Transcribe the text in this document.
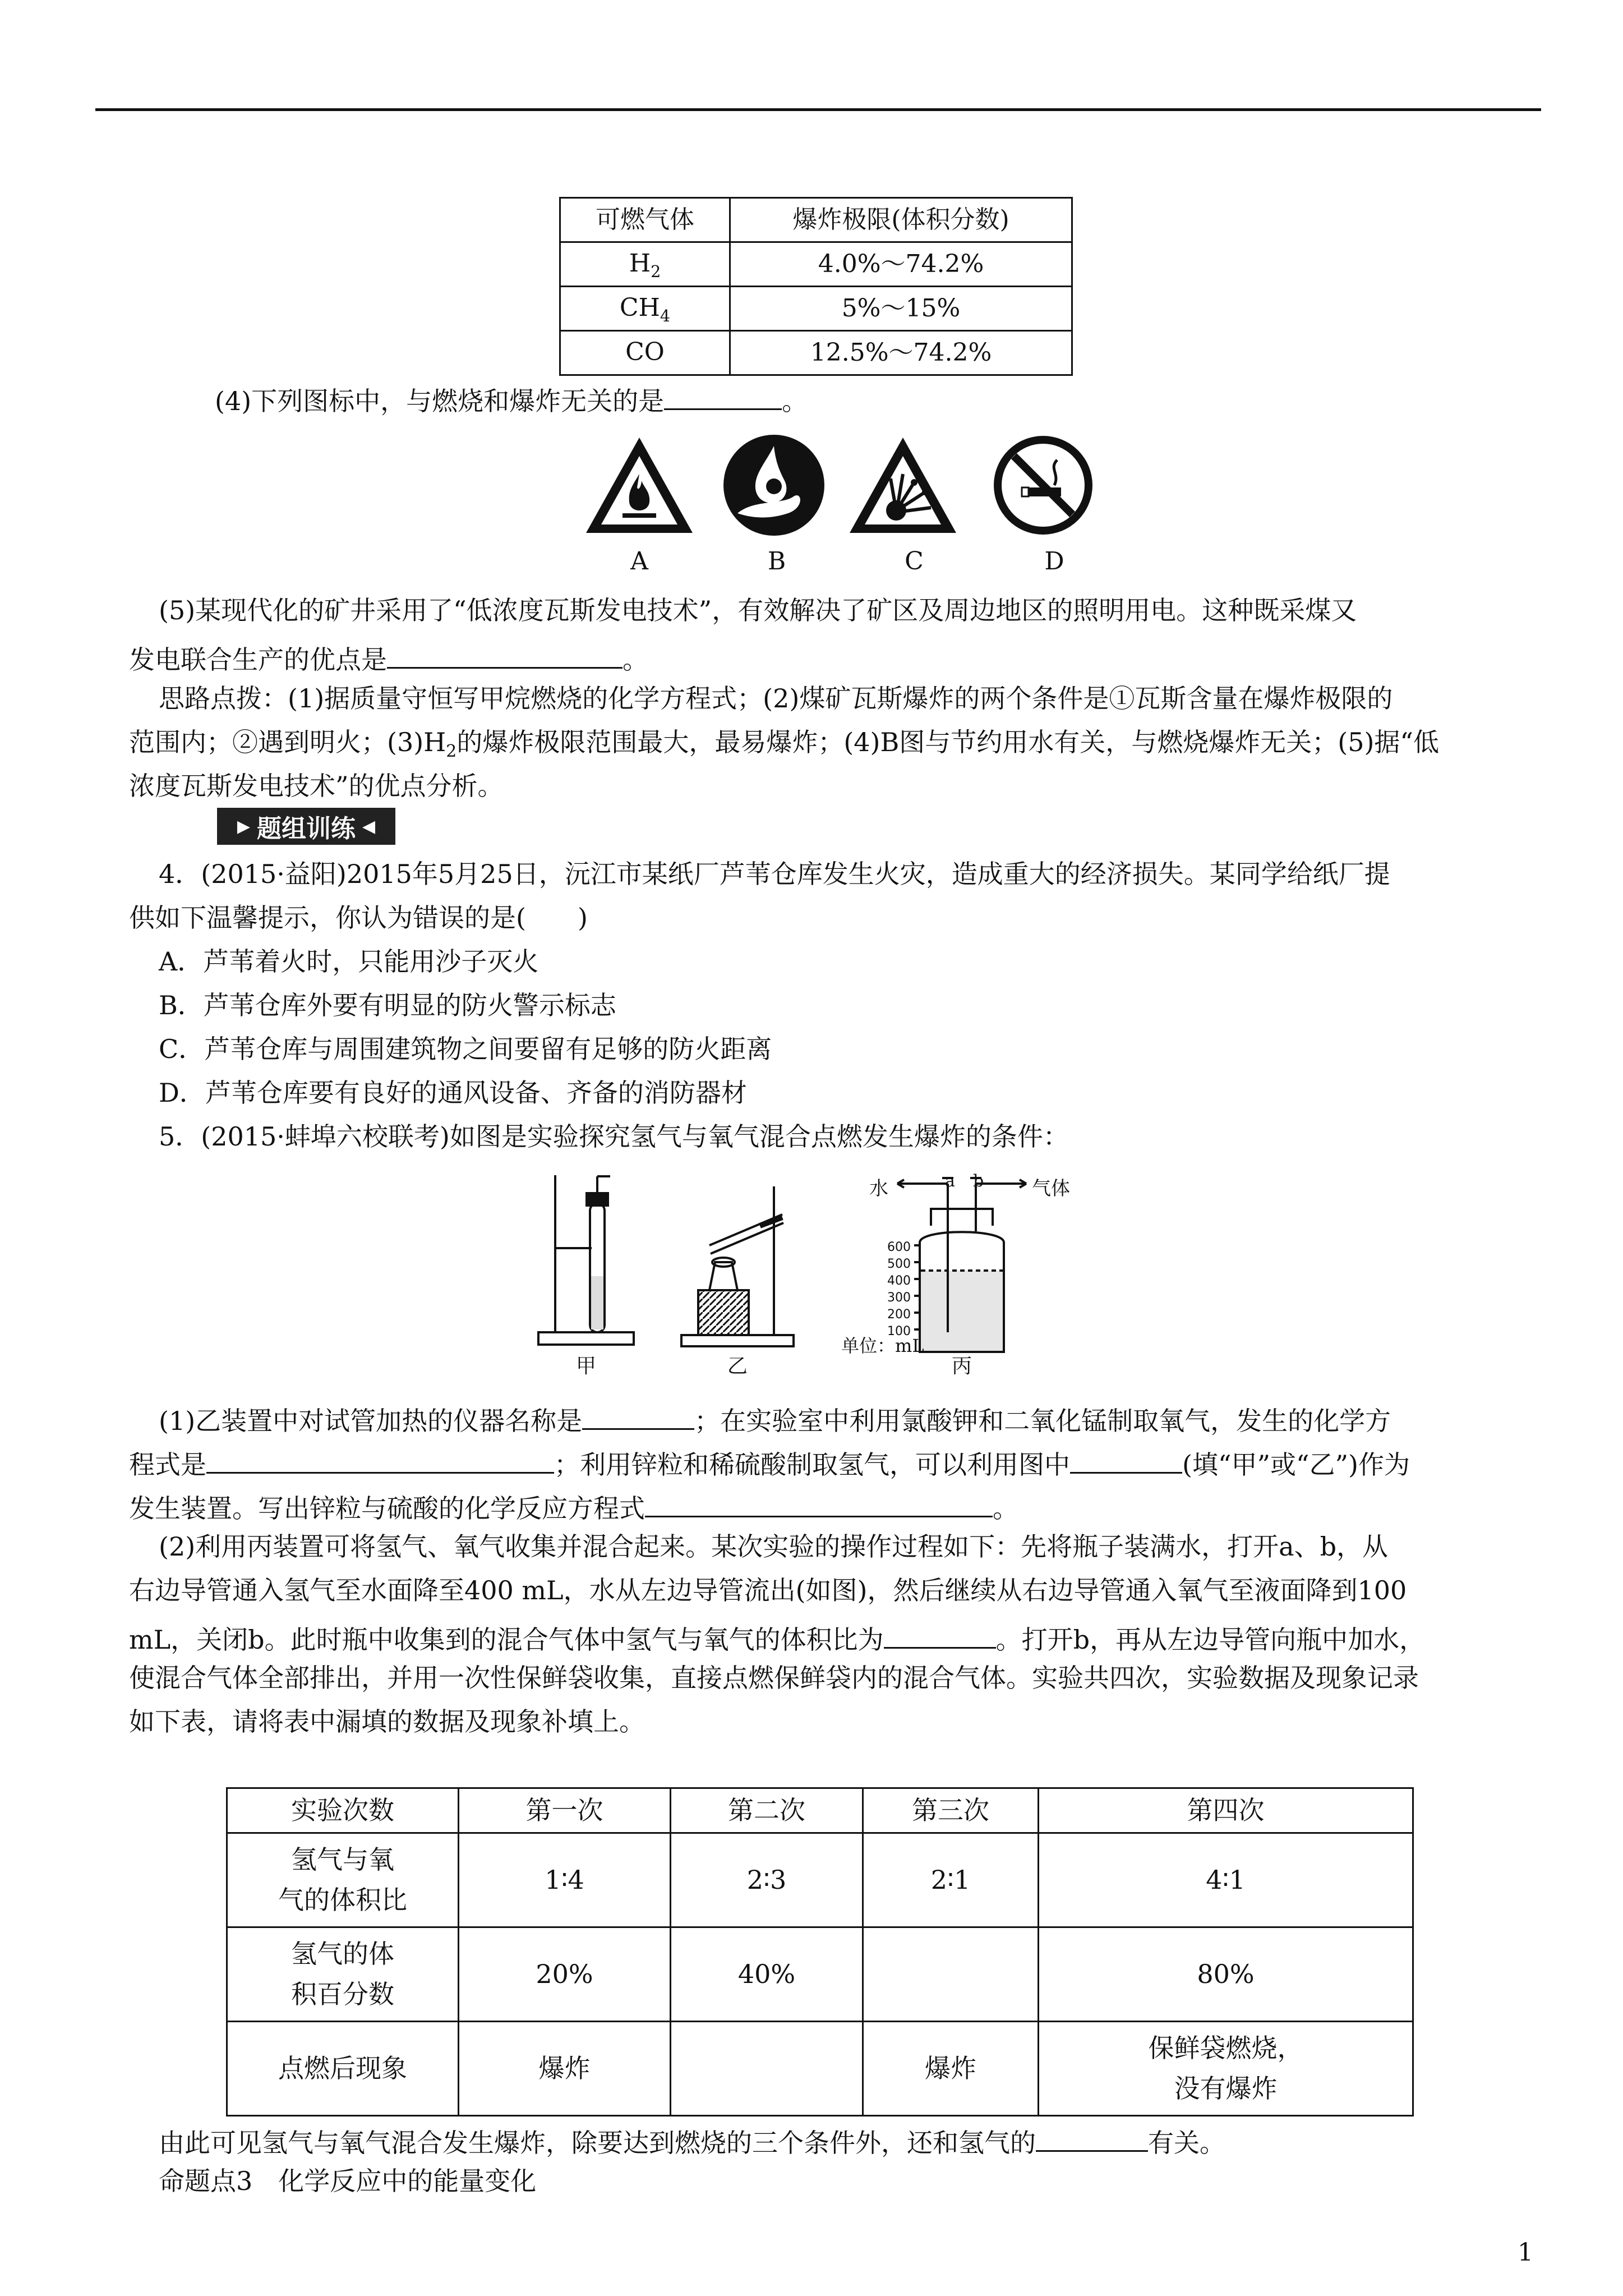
可燃气体	爆炸极限(体积分数)
$H_2$	4.0%～74.2%
$CH_4$	5%～15%
CO	12.5%～74.2%
(4)下列图标中，与燃烧和爆炸无关的是	。
A	B	C	D
(5)某现代化的矿井采用了“低浓度瓦斯发电技术”，有效解决了矿区及周边地区的照明用电。这种既采煤又
发电联合生产的优点是	。
思路点拨：(1)据质量守恒写甲烷燃烧的化学方程式；(2)煤矿瓦斯爆炸的两个条件是①瓦斯含量在爆炸极限的
范围内；②遇到明火；$(3)H_2$的爆炸极限范围最大，最易爆炸；(4)B图与节约用水有关，与燃烧爆炸无关；(5)据“低
浓度瓦斯发电技术”的优点分析。
▶ 题组训练 ◀
4．(2015·益阳)2015年5月25日，沅江市某纸厂芦苇仓库发生火灾，造成重大的经济损失。某同学给纸厂提
供如下温馨提示，你认为错误的是(　　)
A．芦苇着火时，只能用沙子灭火
B．芦苇仓库外要有明显的防火警示标志
C．芦苇仓库与周围建筑物之间要留有足够的防火距离
D．芦苇仓库要有良好的通风设备、齐备的消防器材
5．(2015·蚌埠六校联考)如图是实验探究氢气与氧气混合点燃发生爆炸的条件：
水	a b	气体
600
500
400
300
200
100
单位：mL
甲	乙	丙
(1)乙装置中对试管加热的仪器名称是	；在实验室中利用氯酸钾和二氧化锰制取氧气，发生的化学方
程式是	；利用锌粒和稀硫酸制取氢气，可以利用图中	(填“甲”或“乙”)作为
发生装置。写出锌粒与硫酸的化学反应方程式	。
(2)利用丙装置可将氢气、氧气收集并混合起来。某次实验的操作过程如下：先将瓶子装满水，打开a、b，从
右边导管通入氢气至水面降至400 mL，水从左边导管流出(如图)，然后继续从右边导管通入氧气至液面降到100
mL，关闭b。此时瓶中收集到的混合气体中氢气与氧气的体积比为	。打开b，再从左边导管向瓶中加水，
使混合气体全部排出，并用一次性保鲜袋收集，直接点燃保鲜袋内的混合气体。实验共四次，实验数据及现象记录
如下表，请将表中漏填的数据及现象补填上。
实验次数	第一次	第二次	第三次	第四次

氢气与氧
气的体积比	1∶4	2∶3	2∶1	4∶1

氢气的体
积百分数	20%	40%		80%
点燃后现象	爆炸		爆炸	保鲜袋燃烧，
没有爆炸
由此可见氢气与氧气混合发生爆炸，除要达到燃烧的三个条件外，还和氢气的	有关。
命题点3　化学反应中的能量变化
1
